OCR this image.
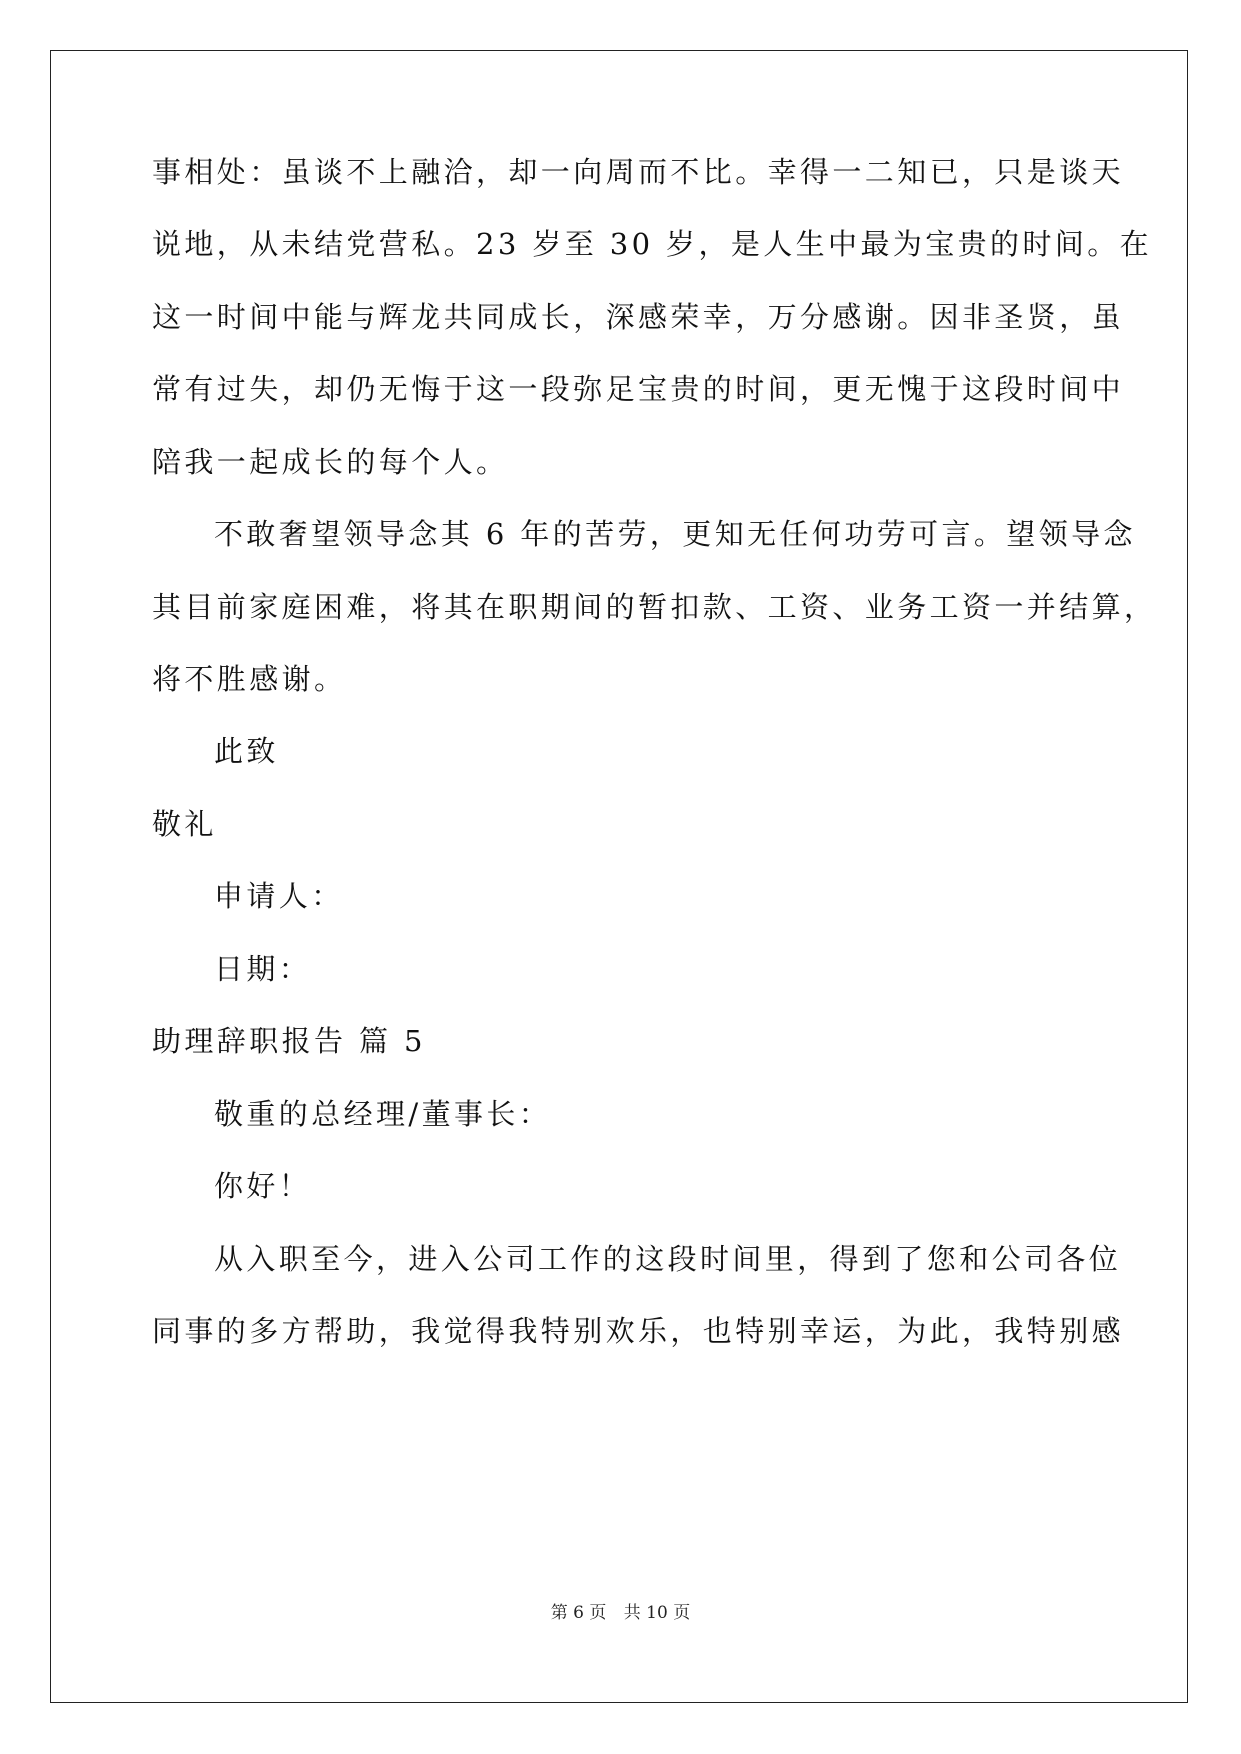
事相处：虽谈不上融洽，却一向周而不比。幸得一二知已，只是谈天
说地，从未结党营私。23 岁至 30 岁，是人生中最为宝贵的时间。在
这一时间中能与辉龙共同成长，深感荣幸，万分感谢。因非圣贤，虽
常有过失，却仍无悔于这一段弥足宝贵的时间，更无愧于这段时间中
陪我一起成长的每个人。
不敢奢望领导念其 6 年的苦劳，更知无任何功劳可言。望领导念
其目前家庭困难，将其在职期间的暂扣款、工资、业务工资一并结算，
将不胜感谢。
此致
敬礼
申请人：
日期：
助理辞职报告 篇 5
敬重的总经理/董事长：
你好！
从入职至今，进入公司工作的这段时间里，得到了您和公司各位
同事的多方帮助，我觉得我特别欢乐，也特别幸运，为此，我特别感
第 6 页 共 10 页
